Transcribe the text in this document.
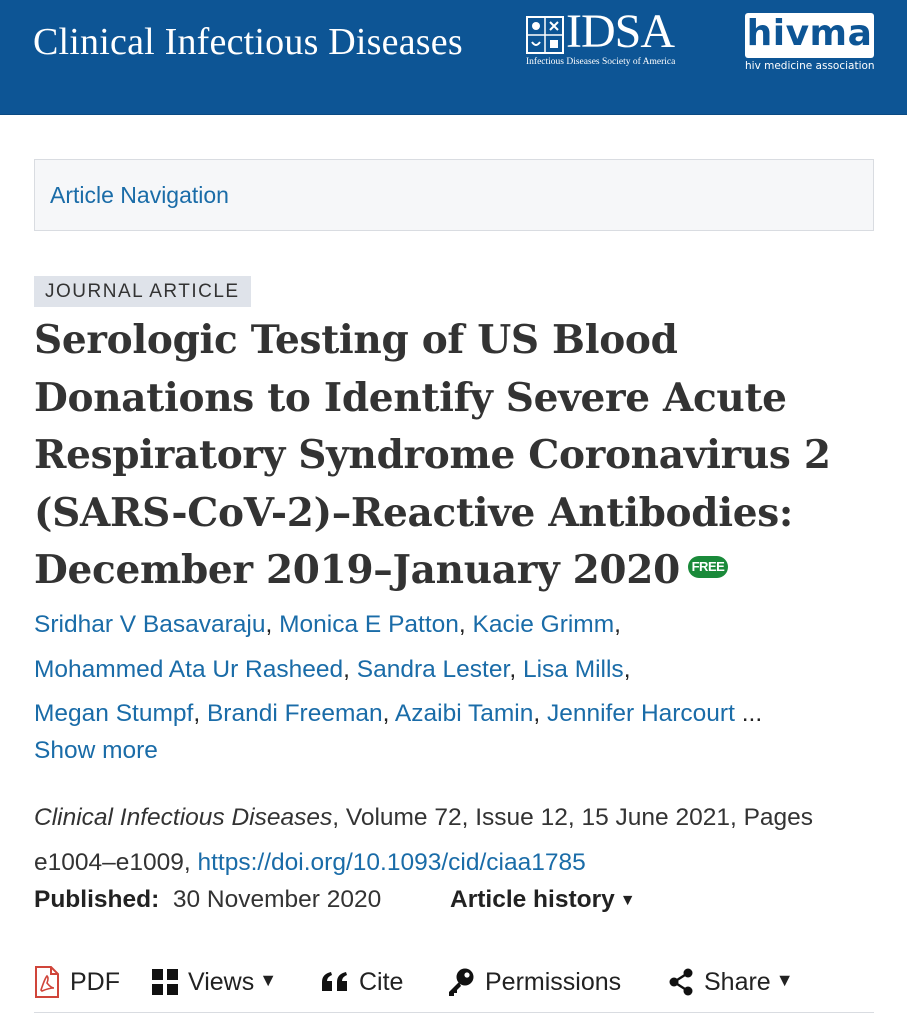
Clinical Infectious Diseases IDSA
Infectious Diseases Society of America
hivma
hiv medicine association
Article Navigation
JOURNAL ARTICLE
Serologic Testing of US Blood Donations to Identify Severe Acute Respiratory Syndrome Coronavirus 2 (SARS-CoV-2)–Reactive Antibodies: December 2019–January 2020 FREE
Sridhar V Basavaraju, Monica E Patton, Kacie Grimm,
Mohammed Ata Ur Rasheed, Sandra Lester, Lisa Mills,
Megan Stumpf, Brandi Freeman, Azaibi Tamin, Jennifer Harcourt ...
Show more
Clinical Infectious Diseases, Volume 72, Issue 12, 15 June 2021, Pages e1004–e1009, https://doi.org/10.1093/cid/ciaa1785
Published: 30 November 2020	Article history ▼
PDF	Views ▼	Cite	Permissions	Share ▼
